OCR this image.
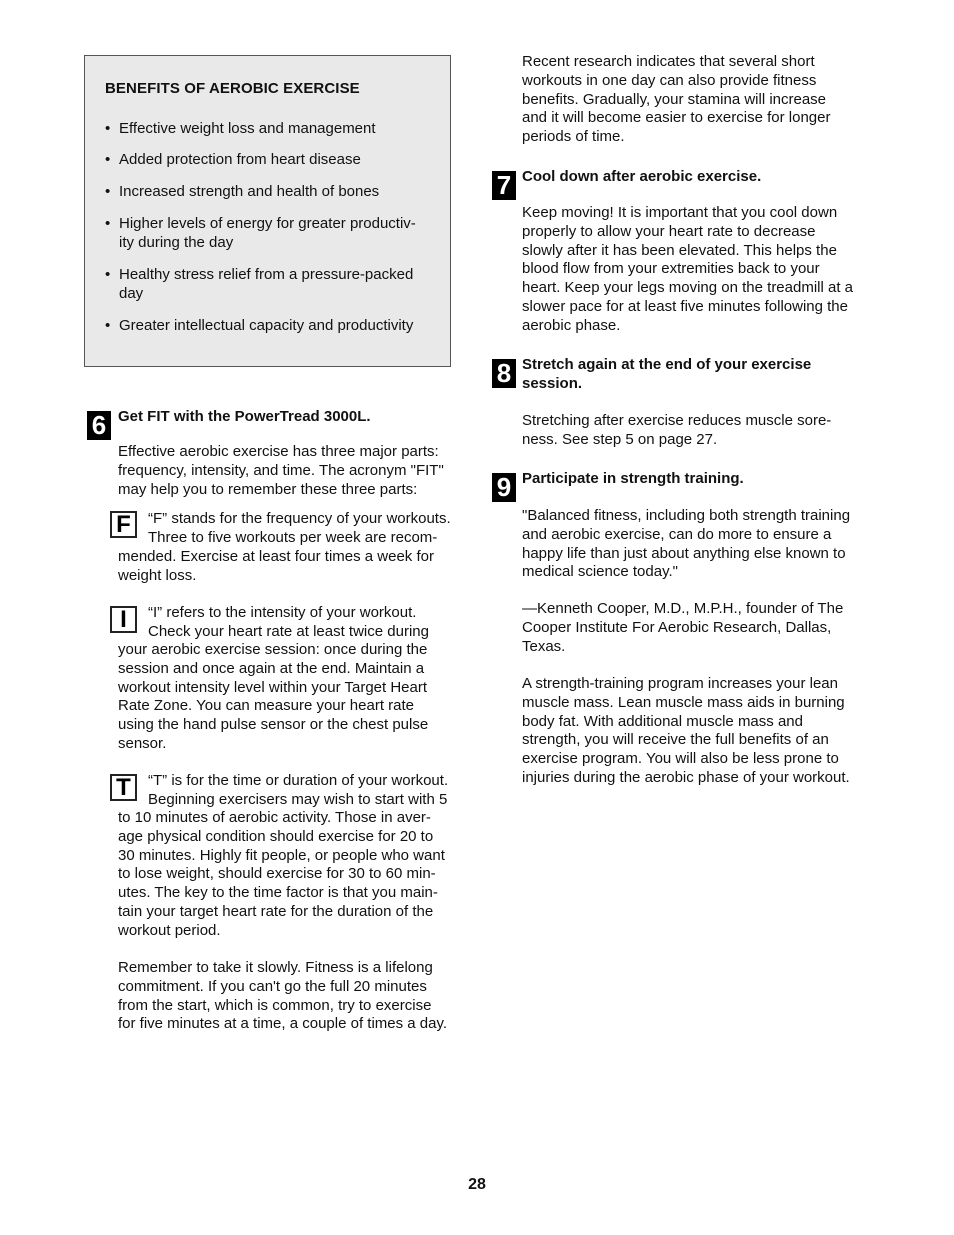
BENEFITS OF AEROBIC EXERCISE
• Effective weight loss and management
• Added protection from heart disease
• Increased strength and health of bones
• Higher levels of energy for greater productiv-
ity during the day
• Healthy stress relief from a pressure-packed
day
• Greater intellectual capacity and productivity
6 Get FIT with the PowerTread 3000L.
Effective aerobic exercise has three major parts:
frequency, intensity, and time. The acronym "FIT"
may help you to remember these three parts:
F	“F” stands for the frequency of your workouts.
Three to five workouts per week are recom-
mended. Exercise at least four times a week for
weight loss.
I	“I” refers to the intensity of your workout.
Check your heart rate at least twice during
your aerobic exercise session: once during the
session and once again at the end. Maintain a
workout intensity level within your Target Heart
Rate Zone. You can measure your heart rate
using the hand pulse sensor or the chest pulse
sensor.
T	“T” is for the time or duration of your workout.
Beginning exercisers may wish to start with 5
to 10 minutes of aerobic activity. Those in aver-
age physical condition should exercise for 20 to
30 minutes. Highly fit people, or people who want
to lose weight, should exercise for 30 to 60 min-
utes. The key to the time factor is that you main-
tain your target heart rate for the duration of the
workout period.
Remember to take it slowly. Fitness is a lifelong
commitment. If you can't go the full 20 minutes
from the start, which is common, try to exercise
for five minutes at a time, a couple of times a day.
Recent research indicates that several short
workouts in one day can also provide fitness
benefits. Gradually, your stamina will increase
and it will become easier to exercise for longer
periods of time.
7 Cool down after aerobic exercise.
Keep moving! It is important that you cool down
properly to allow your heart rate to decrease
slowly after it has been elevated. This helps the
blood flow from your extremities back to your
heart. Keep your legs moving on the treadmill at a
slower pace for at least five minutes following the
aerobic phase.
8 Stretch again at the end of your exercise
session.
Stretching after exercise reduces muscle sore-
ness. See step 5 on page 27.
9 Participate in strength training.
"Balanced fitness, including both strength training
and aerobic exercise, can do more to ensure a
happy life than just about anything else known to
medical science today."
—Kenneth Cooper, M.D., M.P.H., founder of The
Cooper Institute For Aerobic Research, Dallas,
Texas.
A strength-training program increases your lean
muscle mass. Lean muscle mass aids in burning
body fat. With additional muscle mass and
strength, you will receive the full benefits of an
exercise program. You will also be less prone to
injuries during the aerobic phase of your workout.
28
